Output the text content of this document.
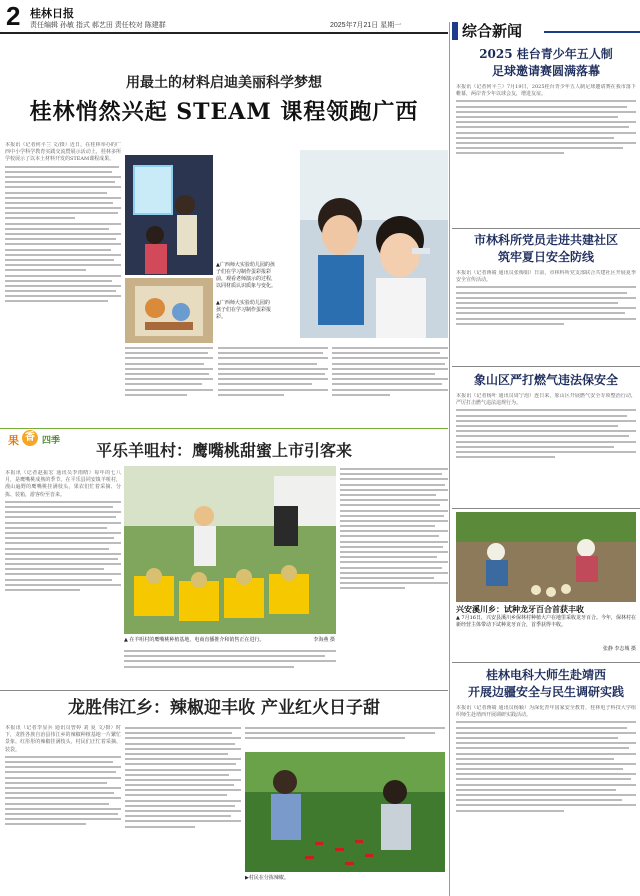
2 桂林日报
责任编辑 孙敏 指式 郝艺田 责任校对 陈建群	2025年7月21日 星期一	综合新闻
用最土的材料启迪美丽科学梦想
桂林悄然兴起 STEAM 课程领跑广西
本报讯（记者何平兰 文/摄）近日，在桂林举办的广西中小学科学教育实践交流暨展示活动上，桂林多所学校展示了以本土材料开发的STEAM课程成果。
▲广西师大实验幼儿园的孩子们在学习制作蛋彩报彩前，观看老师演示的过程，以同材质认识质象与变化。
▲广西师大实验幼儿园的孩子们在学习制作蛋彩报彩。
果 香 四季	平乐羊咀村：鹰嘴桃甜蜜上市引客来
本报讯（记者赵振宏 通讯员李雨晴）每年的七八月，是鹰嘴桃成熟的季节。在平乐县同安镇羊咀村，漫山遍野的鹰嘴桃挂满枝头，果农们忙着采摘、分拣、装箱，游客纷至沓来。
▲ 在羊咀村的鹰嘴桃种植基地，电商直播推介和销售正在进行。	李海燕 摄
龙胜伟江乡：辣椒迎丰收 产业红火日子甜
本报讯（记者李显兵 通讯员曾婷 刘 夏 文/摄）时下，龙胜各族自治县伟江乡的辣椒种植基地一片繁忙景象，红彤彤的辣椒挂满枝头，村民们正忙着采摘、装袋。
▶村民在分拣辣椒。
2025 桂台青少年五人制
足球邀请赛圆满落幕
本报讯（记者何平兰）7月19日，2025桂台青少年五人制足球邀请赛在我市落下帷幕，两岸青少年以球会友，增进友谊。
市林科所党员走进共建社区
筑牢夏日安全防线
本报讯（记者蒋婧 通讯员张梅娟）日前，市林科所党支部联合共建社区开展夏季安全宣传活动。
象山区严打燃气违法保安全
本报讯（记者杨叶 通讯员周宁泡）连日来，象山区开展燃气安全专项整治行动，严厉打击燃气违法违规行为。
兴安溪川乡：试种龙牙百合首获丰收
▲ 7月16日，兴安县溪川乡保林村种植大户在地里采收龙牙百合。今年，保林村在新经营主体带动下试种龙牙百合，首季获得丰收。
张静 李志城 摄
桂林电科大师生赴靖西
开展边疆安全与民生调研实践
本报讯（记者蒋婧 通讯员杨颖）为深化青年国家安全教育，桂林电子科技大学组织师生赴靖西开展调研实践活动。
